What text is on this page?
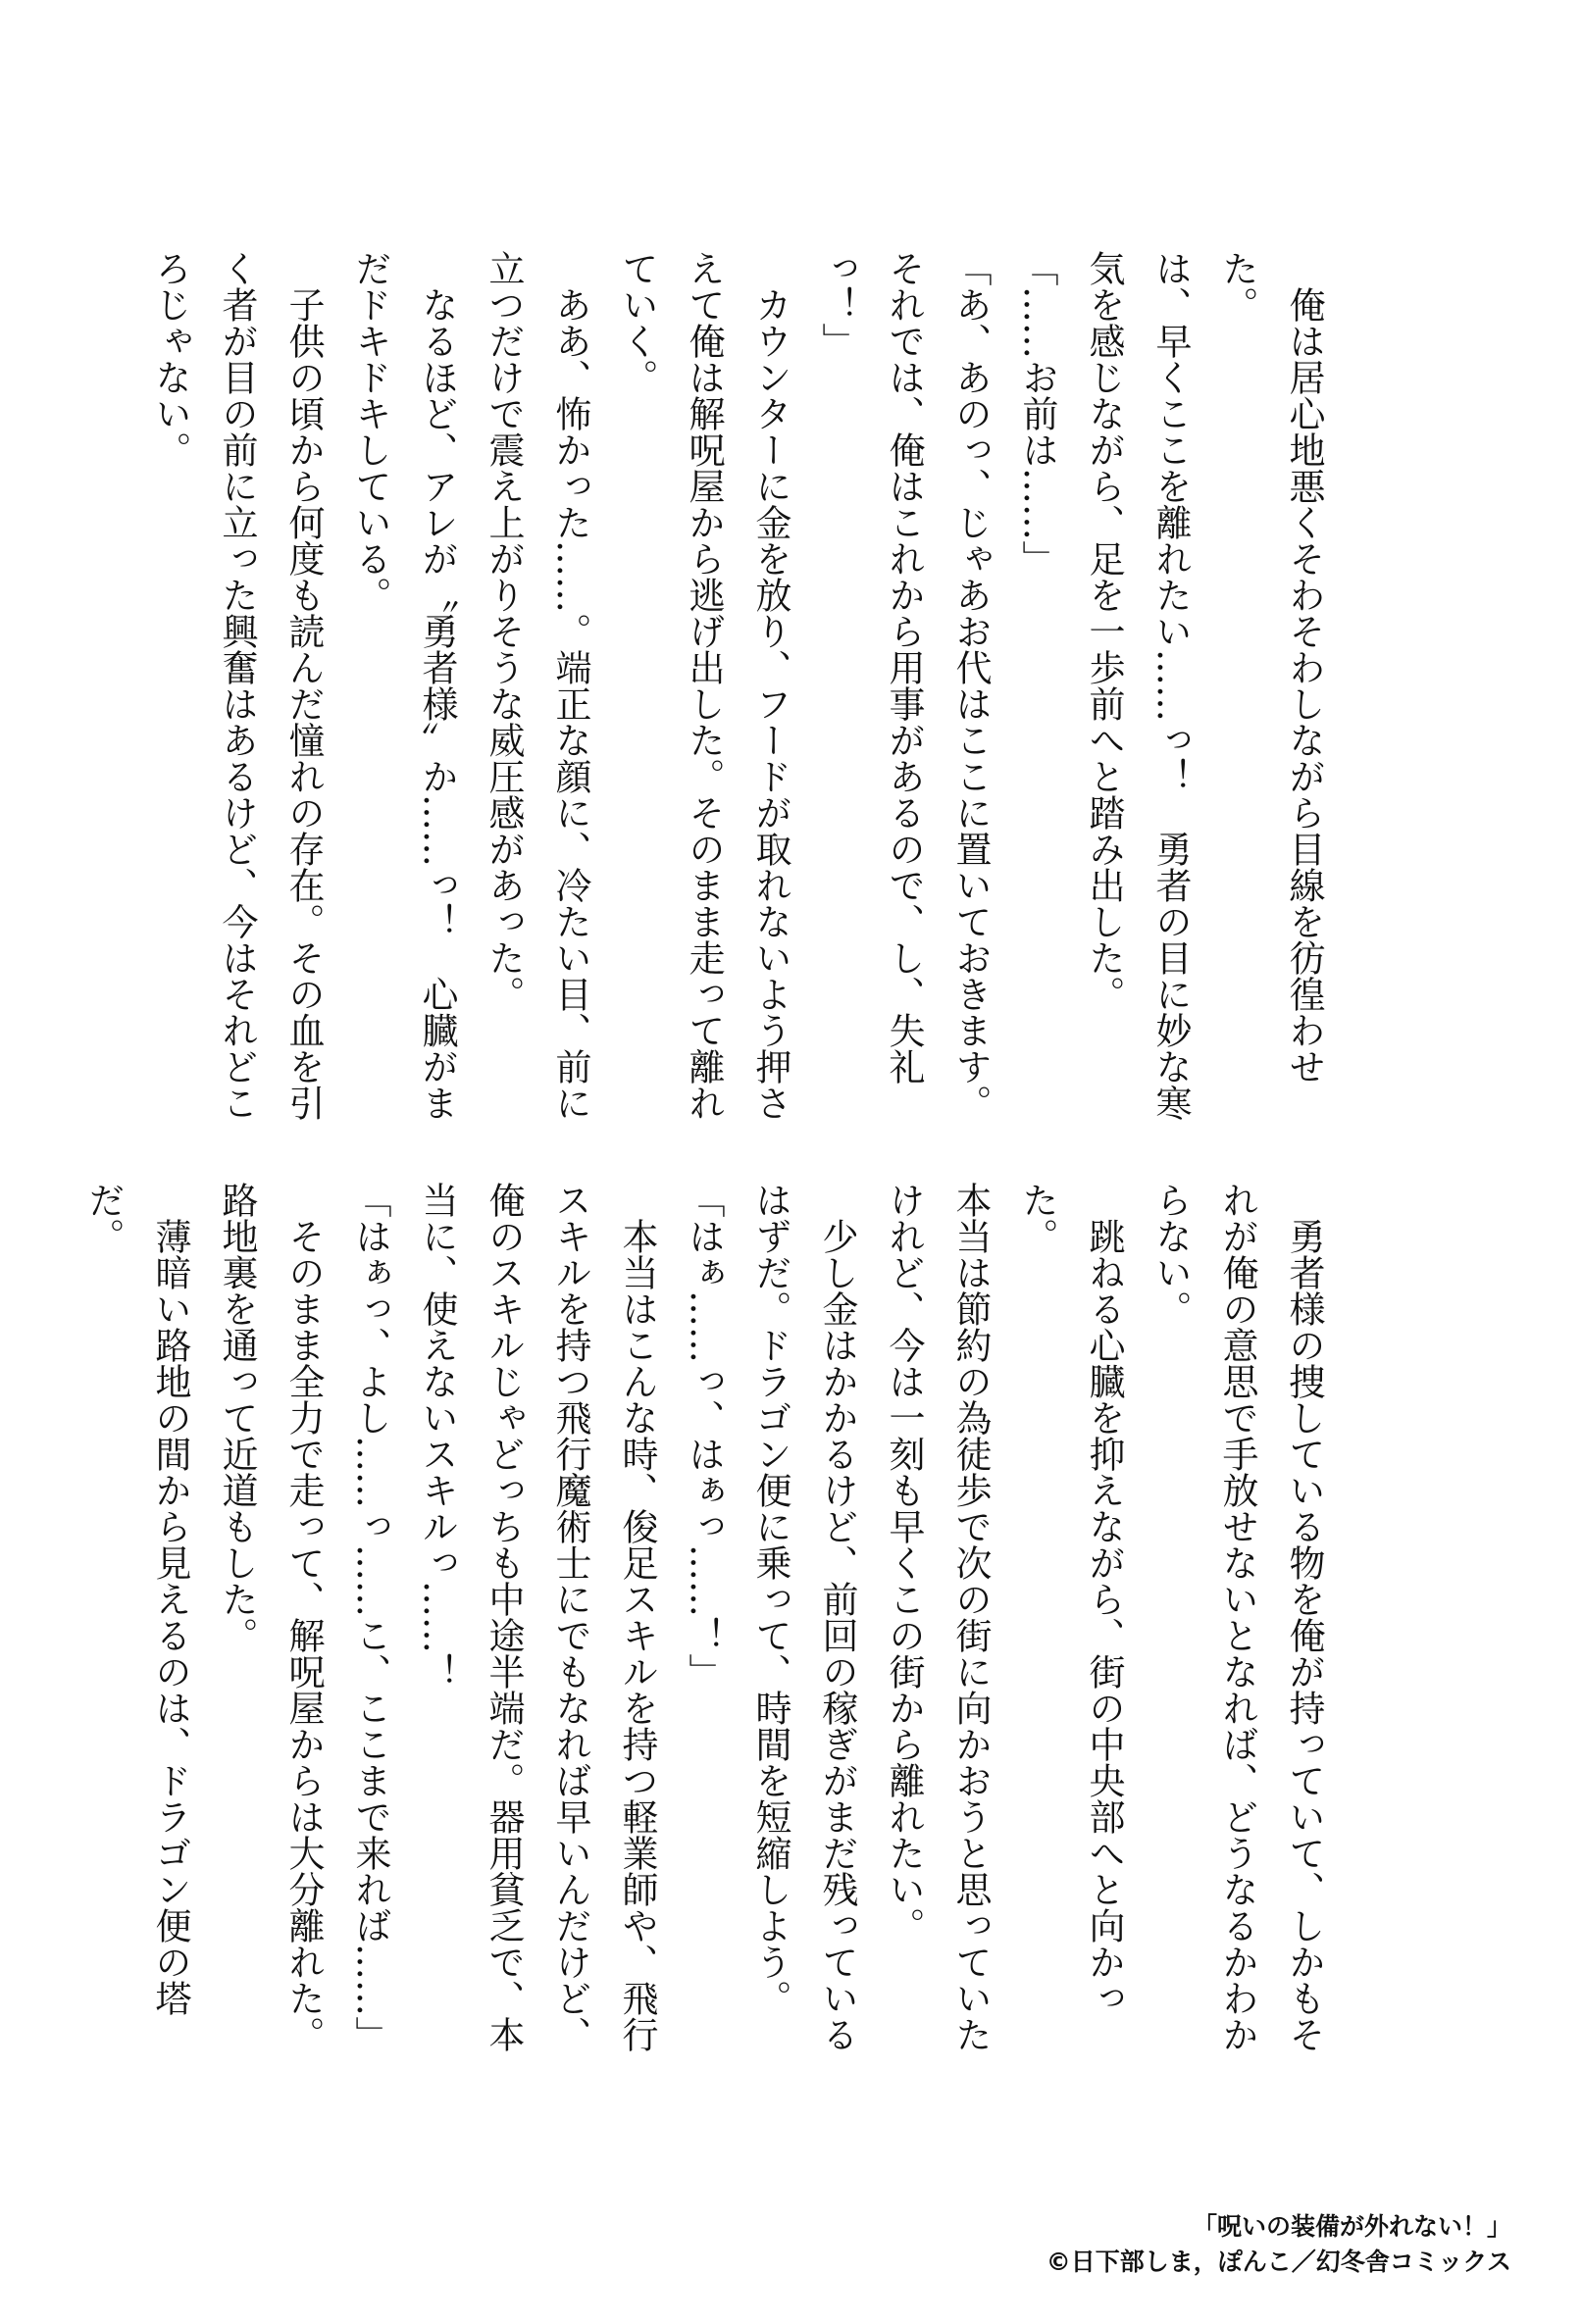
俺は居心地悪くそわそわしながら目線を彷徨わせた。
は、早くここを離れたい……っ！　勇者の目に妙な寒
気を感じながら、足を一歩前へと踏み出した。
「……お前は……」
「あ、あのっ、じゃあお代はここに置いておきます。
それでは、俺はこれから用事があるので、し、失礼
っ！」
カウンターに金を放り、フードが取れないよう押さ
えて俺は解呪屋から逃げ出した。そのまま走って離れ
ていく。
ああ、怖かった……。端正な顔に、冷たい目、前に
立つだけで震え上がりそうな威圧感があった。
なるほど、アレが〝勇者様〟か……っ！　心臓がま
だドキドキしている。
子供の頃から何度も読んだ憧れの存在。その血を引
く者が目の前に立った興奮はあるけど、今はそれどこ
ろじゃない。
勇者様の捜している物を俺が持っていて、しかもそ
れが俺の意思で手放せないとなれば、どうなるかわか
らない。
跳ねる心臓を抑えながら、街の中央部へと向かった。
本当は節約の為徒歩で次の街に向かおうと思っていた
けれど、今は一刻も早くこの街から離れたい。
少し金はかかるけど、前回の稼ぎがまだ残っている
はずだ。ドラゴン便に乗って、時間を短縮しよう。
「はぁ……っ、はぁっ……！」
本当はこんな時、俊足スキルを持つ軽業師や、飛行
スキルを持つ飛行魔術士にでもなれば早いんだけど、
俺のスキルじゃどっちも中途半端だ。器用貧乏で、本
当に、使えないスキルっ……！
「はぁっ、よし……っ……こ、ここまで来れば……」
そのまま全力で走って、解呪屋からは大分離れた。
路地裏を通って近道もした。
薄暗い路地の間から見えるのは、ドラゴン便の塔だ。
「呪いの装備が外れない！」
©日下部しま，ぽんこ／幻冬舎コミックス
